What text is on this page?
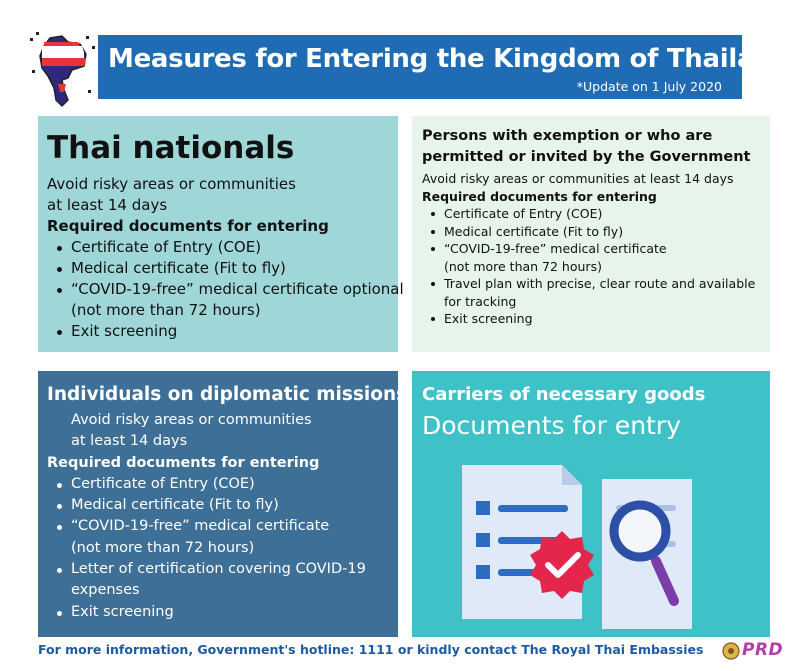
Measures for Entering the Kingdom of Thailand
*Update on 1 July 2020
Thai nationals
Avoid risky areas or communities
at least 14 days
Required documents for entering
Certificate of Entry (COE)
Medical certificate (Fit to fly)
“COVID-19-free” medical certificate optional
(not more than 72 hours)
Exit screening
Persons with exemption or who are
permitted or invited by the Government
Avoid risky areas or communities at least 14 days
Required documents for entering
Certificate of Entry (COE)
Medical certificate (Fit to fly)
“COVID-19-free” medical certificate
(not more than 72 hours)
Travel plan with precise, clear route and available
for tracking
Exit screening
Individuals on diplomatic missions
Avoid risky areas or communities
at least 14 days
Required documents for entering
Certificate of Entry (COE)
Medical certificate (Fit to fly)
“COVID-19-free” medical certificate
(not more than 72 hours)
Letter of certification covering COVID-19
expenses
Exit screening
Carriers of necessary goods
Documents for entry
For more information, Government's hotline: 1111 or kindly contact The Royal Thai Embassies PRD
